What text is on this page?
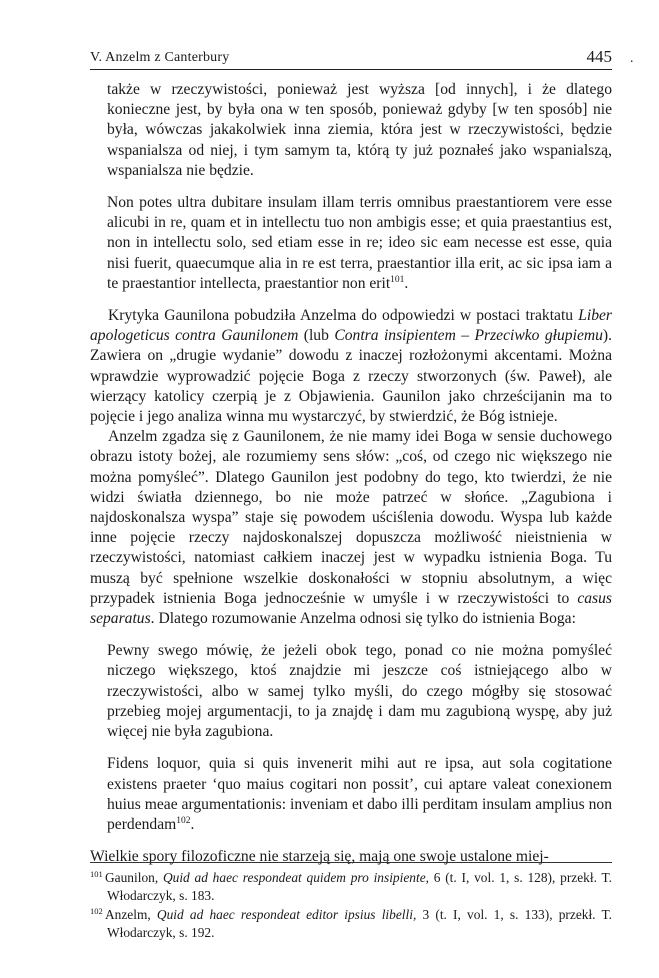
V. Anzelm z Canterbury	445 ·

także w rzeczywistości, ponieważ jest wyższa [od innych], i że dlatego konieczne jest, by była ona w ten sposób, ponieważ gdyby [w ten sposób] nie była, wówczas jakakolwiek inna ziemia, która jest w rzeczywistości, będzie wspanialsza od niej, i tym samym ta, którą ty już poznałeś jako wspanialszą, wspanialsza nie będzie.

Non potes ultra dubitare insulam illam terris omnibus praestantiorem vere esse alicubi in re, quam et in intellectu tuo non ambigis esse; et quia praestantius est, non in intellectu solo, sed etiam esse in re; ideo sic eam necesse est esse, quia nisi fuerit, quaecumque alia in re est terra, praestantior illa erit, ac sic ipsa iam a te praestantior intellecta, praestantior non erit$^{101}$.

Krytyka Gaunilona pobudziła Anzelma do odpowiedzi w postaci traktatu Liber apologeticus contra Gaunilonem (lub Contra insipientem – Przeciwko głupiemu). Zawiera on „drugie wydanie” dowodu z inaczej rozłożonymi akcentami. Można wprawdzie wyprowadzić pojęcie Boga z rzeczy stworzonych (św. Paweł), ale wierzący katolicy czerpią je z Objawienia. Gaunilon jako chrześcijanin ma to pojęcie i jego analiza winna mu wystarczyć, by stwierdzić, że Bóg istnieje.

Anzelm zgadza się z Gaunilonem, że nie mamy idei Boga w sensie duchowego obrazu istoty bożej, ale rozumiemy sens słów: „coś, od czego nic większego nie można pomyśleć”. Dlatego Gaunilon jest podobny do tego, kto twierdzi, że nie widzi światła dziennego, bo nie może patrzeć w słońce. „Zagubiona i najdoskonalsza wyspa” staje się powodem uściślenia dowodu. Wyspa lub każde inne pojęcie rzeczy najdoskonalszej dopuszcza możliwość nieistnienia w rzeczywistości, natomiast całkiem inaczej jest w wypadku istnienia Boga. Tu muszą być spełnione wszelkie doskonałości w stopniu absolutnym, a więc przypadek istnienia Boga jednocześnie w umyśle i w rzeczywistości to casus separatus. Dlatego rozumowanie Anzelma odnosi się tylko do istnienia Boga:

Pewny swego mówię, że jeżeli obok tego, ponad co nie można pomyśleć niczego większego, ktoś znajdzie mi jeszcze coś istniejącego albo w rzeczywistości, albo w samej tylko myśli, do czego mógłby się stosować przebieg mojej argumentacji, to ja znajdę i dam mu zagubioną wyspę, aby już więcej nie była zagubiona.

Fidens loquor, quia si quis invenerit mihi aut re ipsa, aut sola cogitatione existens praeter ‘quo maius cogitari non possit’, cui aptare valeat conexionem huius meae argumentationis: inveniam et dabo illi perditam insulam amplius non perdendam$^{102}$.

Wielkie spory filozoficzne nie starzeją się, mają one swoje ustalone miej-

101 Gaunilon, Quid ad haec respondeat quidem pro insipiente, 6 (t. I, vol. 1, s. 128), przekł. T. Włodarczyk, s. 183.

102 Anzelm, Quid ad haec respondeat editor ipsius libelli, 3 (t. I, vol. 1, s. 133), przekł. T. Włodarczyk, s. 192.
